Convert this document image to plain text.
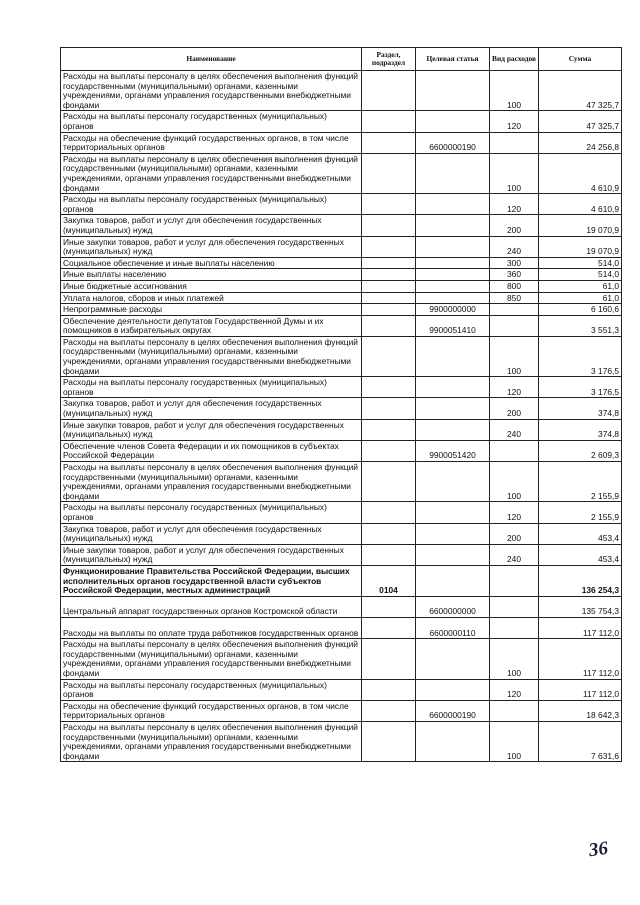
Наименование	Раздел, подраздел	Целевая статья	Вид расходов	Сумма
Расходы на выплаты персоналу в целях обеспечения выполнения функций государственными (муниципальными) органами, казенными учреждениями, органами управления государственными внебюджетными фондами			100	47 325,7
Расходы на выплаты персоналу государственных (муниципальных) органов			120	47 325,7
Расходы на обеспечение функций государственных органов, в том числе территориальных органов		6600000190		24 256,8
Расходы на выплаты персоналу в целях обеспечения выполнения функций государственными (муниципальными) органами, казенными учреждениями, органами управления государственными внебюджетными фондами			100	4 610,9
Расходы на выплаты персоналу государственных (муниципальных) органов			120	4 610,9
Закупка товаров, работ и услуг для обеспечения государственных (муниципальных) нужд			200	19 070,9
Иные закупки товаров, работ и услуг для обеспечения государственных (муниципальных) нужд			240	19 070,9
Социальное обеспечение и иные выплаты населению			300	514,0
Иные выплаты населению			360	514,0
Иные бюджетные ассигнования			800	61,0
Уплата налогов, сборов и иных платежей			850	61,0
Непрограммные расходы		9900000000		6 160,6
Обеспечение деятельности депутатов Государственной Думы и их помощников в избирательных округах		9900051410		3 551,3
Расходы на выплаты персоналу в целях обеспечения выполнения функций государственными (муниципальными) органами, казенными учреждениями, органами управления государственными внебюджетными фондами			100	3 176,5
Расходы на выплаты персоналу государственных (муниципальных) органов			120	3 176,5
Закупка товаров, работ и услуг для обеспечения государственных (муниципальных) нужд			200	374,8
Иные закупки товаров, работ и услуг для обеспечения государственных (муниципальных) нужд			240	374,8
Обеспечение членов Совета Федерации и их помощников в субъектах Российской Федерации		9900051420		2 609,3
Расходы на выплаты персоналу в целях обеспечения выполнения функций государственными (муниципальными) органами, казенными учреждениями, органами управления государственными внебюджетными фондами			100	2 155,9
Расходы на выплаты персоналу государственных (муниципальных) органов			120	2 155,9
Закупка товаров, работ и услуг для обеспечения государственных (муниципальных) нужд			200	453,4
Иные закупки товаров, работ и услуг для обеспечения государственных (муниципальных) нужд			240	453,4
Функционирование Правительства Российской Федерации, высших исполнительных органов государственной власти субъектов Российской Федерации, местных администраций	0104			136 254,3
Центральный аппарат государственных органов Костромской области		6600000000		135 754,3
Расходы на выплаты по оплате труда работников государственных органов		6600000110		117 112,0
Расходы на выплаты персоналу в целях обеспечения выполнения функций государственными (муниципальными) органами, казенными учреждениями, органами управления государственными внебюджетными фондами			100	117 112,0
Расходы на выплаты персоналу государственных (муниципальных) органов			120	117 112,0
Расходы на обеспечение функций государственных органов, в том числе территориальных органов		6600000190		18 642,3
Расходы на выплаты персоналу в целях обеспечения выполнения функций государственными (муниципальными) органами, казенными учреждениями, органами управления государственными внебюджетными фондами			100	7 631,6
36
